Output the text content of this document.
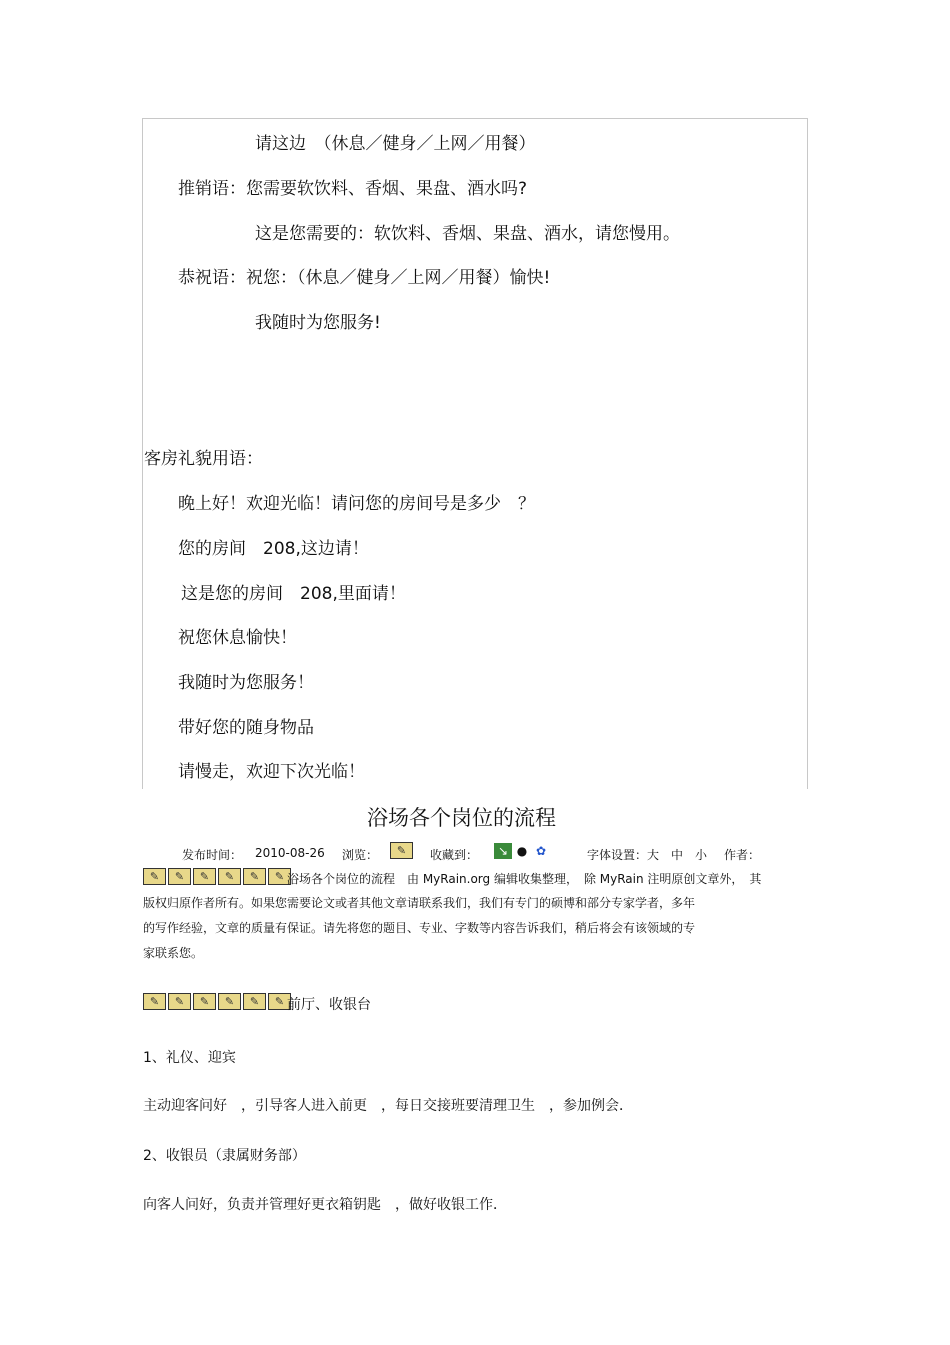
请这边　（休息／健身／上网／用餐）
推销语：您需要软饮料、香烟、果盘、酒水吗?
这是您需要的：软饮料、香烟、果盘、酒水，请您慢用。
恭祝语：祝您：（休息／健身／上网／用餐）愉快!
我随时为您服务!
客房礼貌用语：
晚上好！欢迎光临！请问您的房间号是多少　？
您的房间　208,这边请！
这是您的房间　208,里面请！
祝您休息愉快！
我随时为您服务！
带好您的随身物品
请慢走，欢迎下次光临！
浴场各个岗位的流程
发布时间： 2010-08-26 浏览：	✎	收藏到：	↘ ● ✿	字体设置：大　中　小 作者：
✎	✎	✎	✎	✎	✎ 浴场各个岗位的流程　由 MyRain.org 编辑收集整理，　除 MyRain 注明原创文章外，　其
版权归原作者所有。如果您需要论文或者其他文章请联系我们，我们有专门的硕博和部分专家学者，多年
的写作经验，文章的质量有保证。请先将您的题目、专业、字数等内容告诉我们，稍后将会有该领域的专
家联系您。
✎	✎	✎	✎	✎	✎ 前厅、收银台
1、礼仪、迎宾
主动迎客问好　，引导客人进入前更　，每日交接班要清理卫生　，参加例会．
2、收银员（隶属财务部）
向客人问好，负责并管理好更衣箱钥匙　，做好收银工作．
